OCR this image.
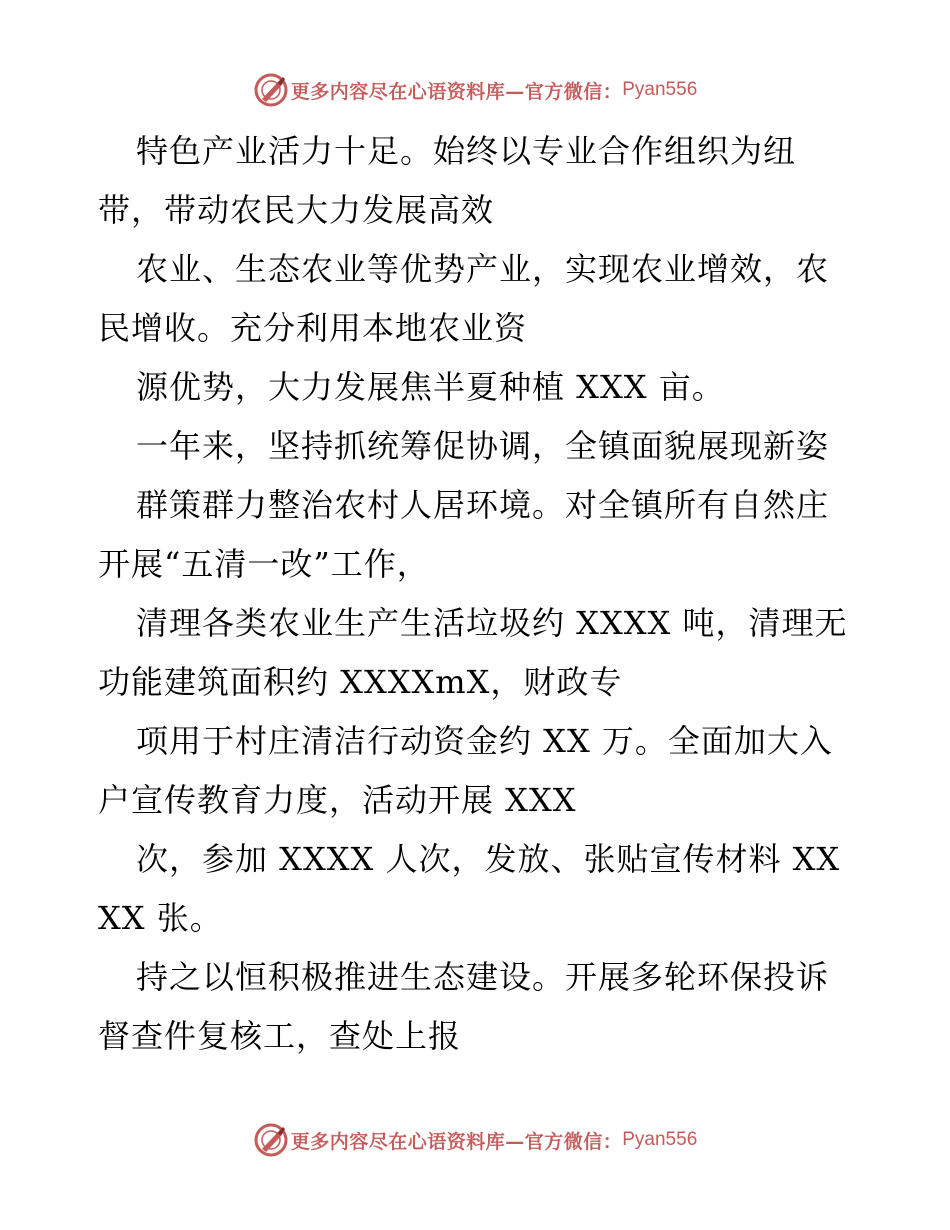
更多内容尽在心语资料库—官方微信： Pyan556

特色产业活力十足。始终以专业合作组织为纽带，带动农民大力发展高效

农业、生态农业等优势产业，实现农业增效，农民增收。充分利用本地农业资

源优势，大力发展焦半夏种植 XXX 亩。

一年来，坚持抓统筹促协调，全镇面貌展现新姿

群策群力整治农村人居环境。对全镇所有自然庄开展“五清一改”工作，

清理各类农业生产生活垃圾约 XXXX 吨，清理无功能建筑面积约 XXXXmX，财政专

项用于村庄清洁行动资金约 XX 万。全面加大入户宣传教育力度，活动开展 XXX

次，参加 XXXX 人次，发放、张贴宣传材料 XXXX 张。

持之以恒积极推进生态建设。开展多轮环保投诉督查件复核工，查处上报

更多内容尽在心语资料库—官方微信： Pyan556
